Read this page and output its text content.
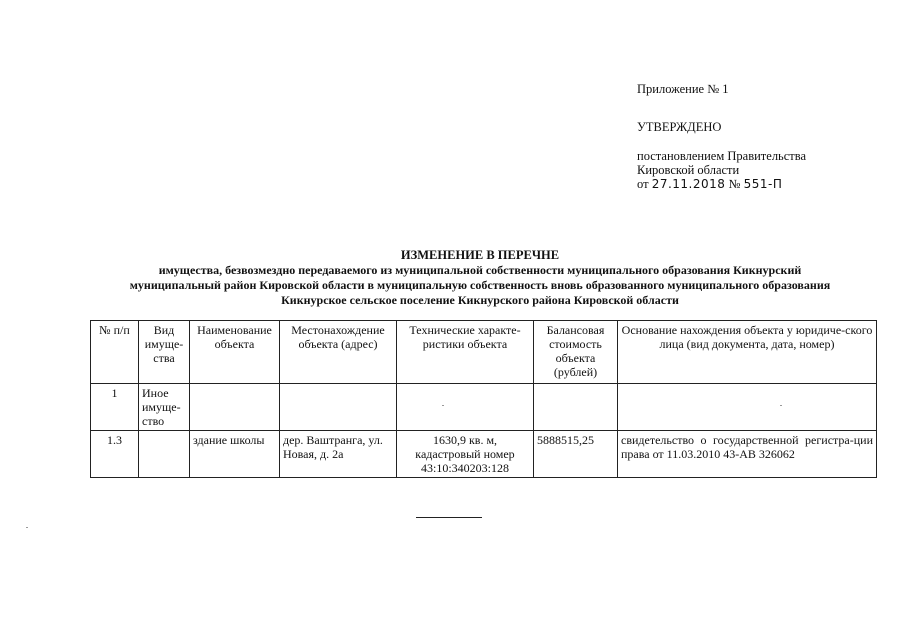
Приложение № 1
УТВЕРЖДЕНО
постановлением Правительства
Кировской области
от 27.11.2018 № 551-П
ИЗМЕНЕНИЕ В ПЕРЕЧНЕ
имущества, безвозмездно передаваемого из муниципальной собственности муниципального образования Кикнурский
муниципальный район Кировской области в муниципальную собственность вновь образованного муниципального образования
Кикнурское сельское поселение Кикнурского района Кировской области
№ п/п	Вид имуще-ства	Наименование объекта	Местонахождение объекта (адрес)	Технические характе-ристики объекта	Балансовая стоимость объекта (рублей)	Основание нахождения объекта у юридиче-ского лица (вид документа, дата, номер)
1	Иное имуще-ство					
1.3		здание школы	дер. Ваштранга, ул. Новая, д. 2а	1630,9 кв. м, кадастровый номер 43:10:340203:128	5888515,25	свидетельство о государственной регистра-ции права от 11.03.2010 43-АВ 326062
